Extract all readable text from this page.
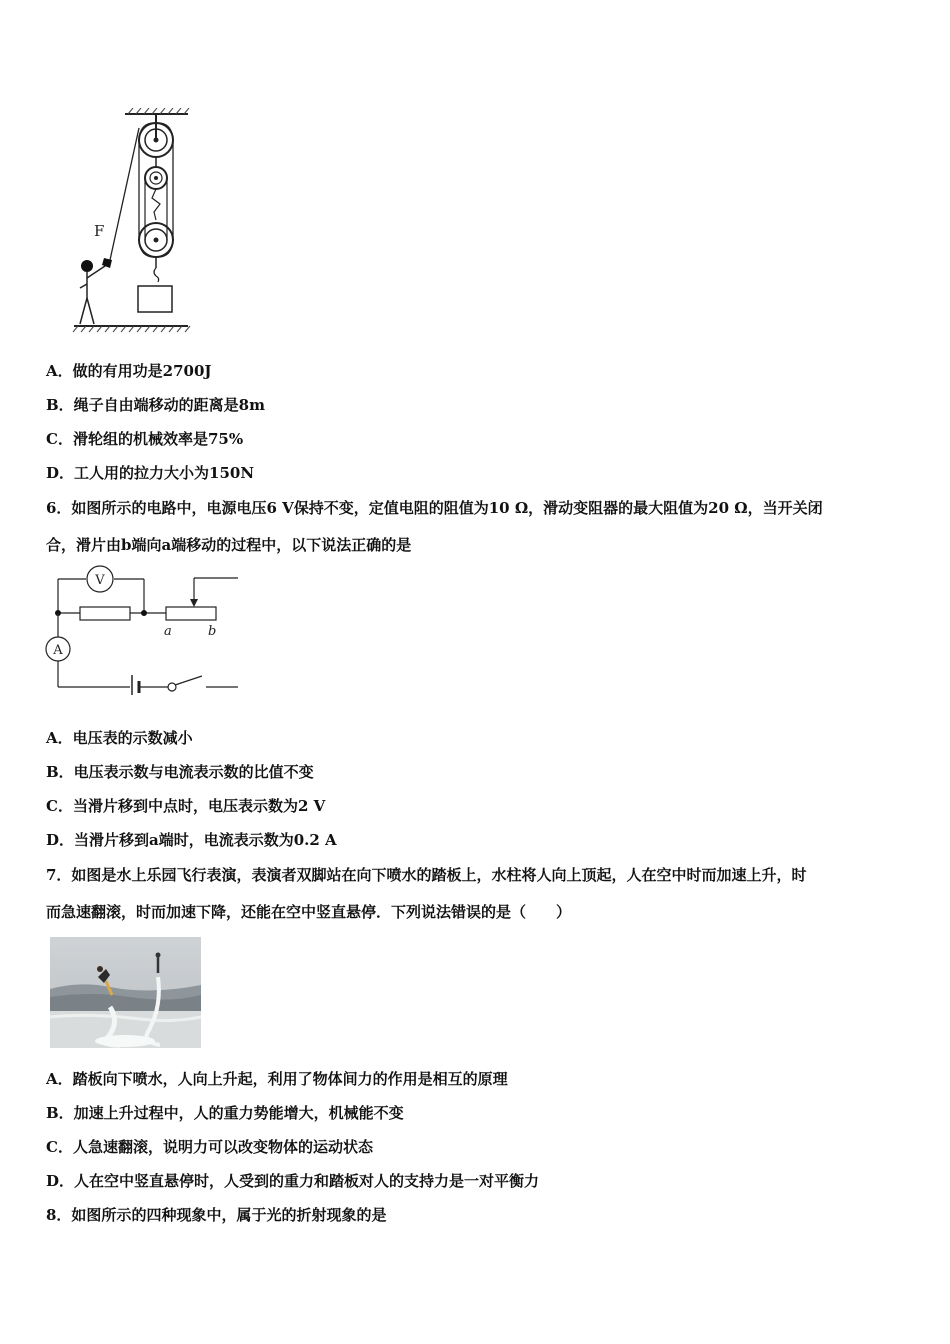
F
A．做的有用功是2700J
B．绳子自由端移动的距离是8m
C．滑轮组的机械效率是75%
D．工人用的拉力大小为150N
6．如图所示的电路中，电源电压6 V保持不变，定值电阻的阻值为10 Ω，滑动变阻器的最大阻值为20 Ω，当开关闭
合，滑片由b端向a端移动的过程中，以下说法正确的是
V
a	b
A
A．电压表的示数减小
B．电压表示数与电流表示数的比值不变
C．当滑片移到中点时，电压表示数为2 V
D．当滑片移到a端时，电流表示数为0.2 A
7．如图是水上乐园飞行表演，表演者双脚站在向下喷水的踏板上，水柱将人向上顶起，人在空中时而加速上升，时
而急速翻滚，时而加速下降，还能在空中竖直悬停．下列说法错误的是（　　）
A．踏板向下喷水，人向上升起，利用了物体间力的作用是相互的原理
B．加速上升过程中，人的重力势能增大，机械能不变
C．人急速翻滚，说明力可以改变物体的运动状态
D．人在空中竖直悬停时，人受到的重力和踏板对人的支持力是一对平衡力
8．如图所示的四种现象中，属于光的折射现象的是
